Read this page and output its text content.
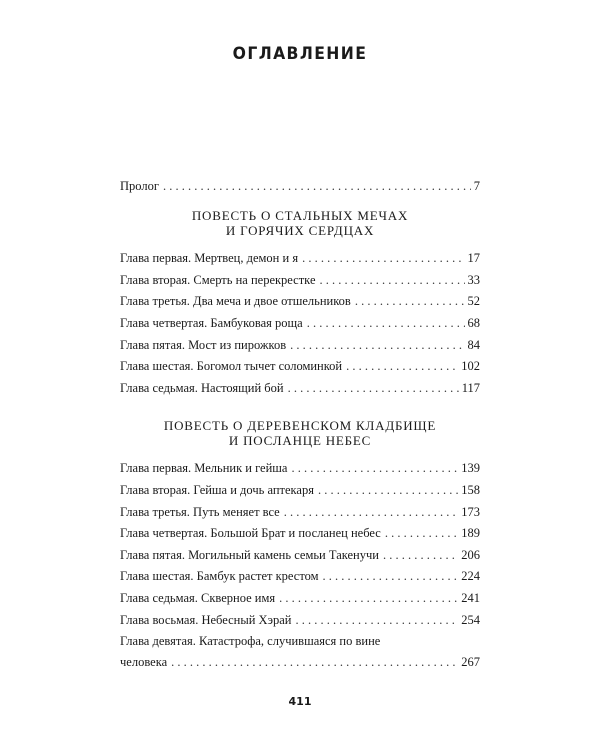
ОГЛАВЛЕНИЕ
Пролог . . .	7
ПОВЕСТЬ О СТАЛЬНЫХ МЕЧАХ
И ГОРЯЧИХ СЕРДЦАХ
Глава первая. Мертвец, демон и я . . .	17
Глава вторая. Смерть на перекрестке . . .	33
Глава третья. Два меча и двое отшельников . . .	52
Глава четвертая. Бамбуковая роща . . .	68
Глава пятая. Мост из пирожков . . .	84
Глава шестая. Богомол тычет соломинкой . . .	102
Глава седьмая. Настоящий бой . . .	117
ПОВЕСТЬ О ДЕРЕВЕНСКОМ КЛАДБИЩЕ
И ПОСЛАНЦЕ НЕБЕС
Глава первая. Мельник и гейша . . .	139
Глава вторая. Гейша и дочь аптекаря . . .	158
Глава третья. Путь меняет все . . .	173
Глава четвертая. Большой Брат и посланец небес . . .	189
Глава пятая. Могильный камень семьи Такенучи . . .	206
Глава шестая. Бамбук растет крестом . . .	224
Глава седьмая. Скверное имя . . .	241
Глава восьмая. Небесный Хэрай . . .	254
Глава девятая. Катастрофа, случившаяся по вине
человека . . .	267
411
